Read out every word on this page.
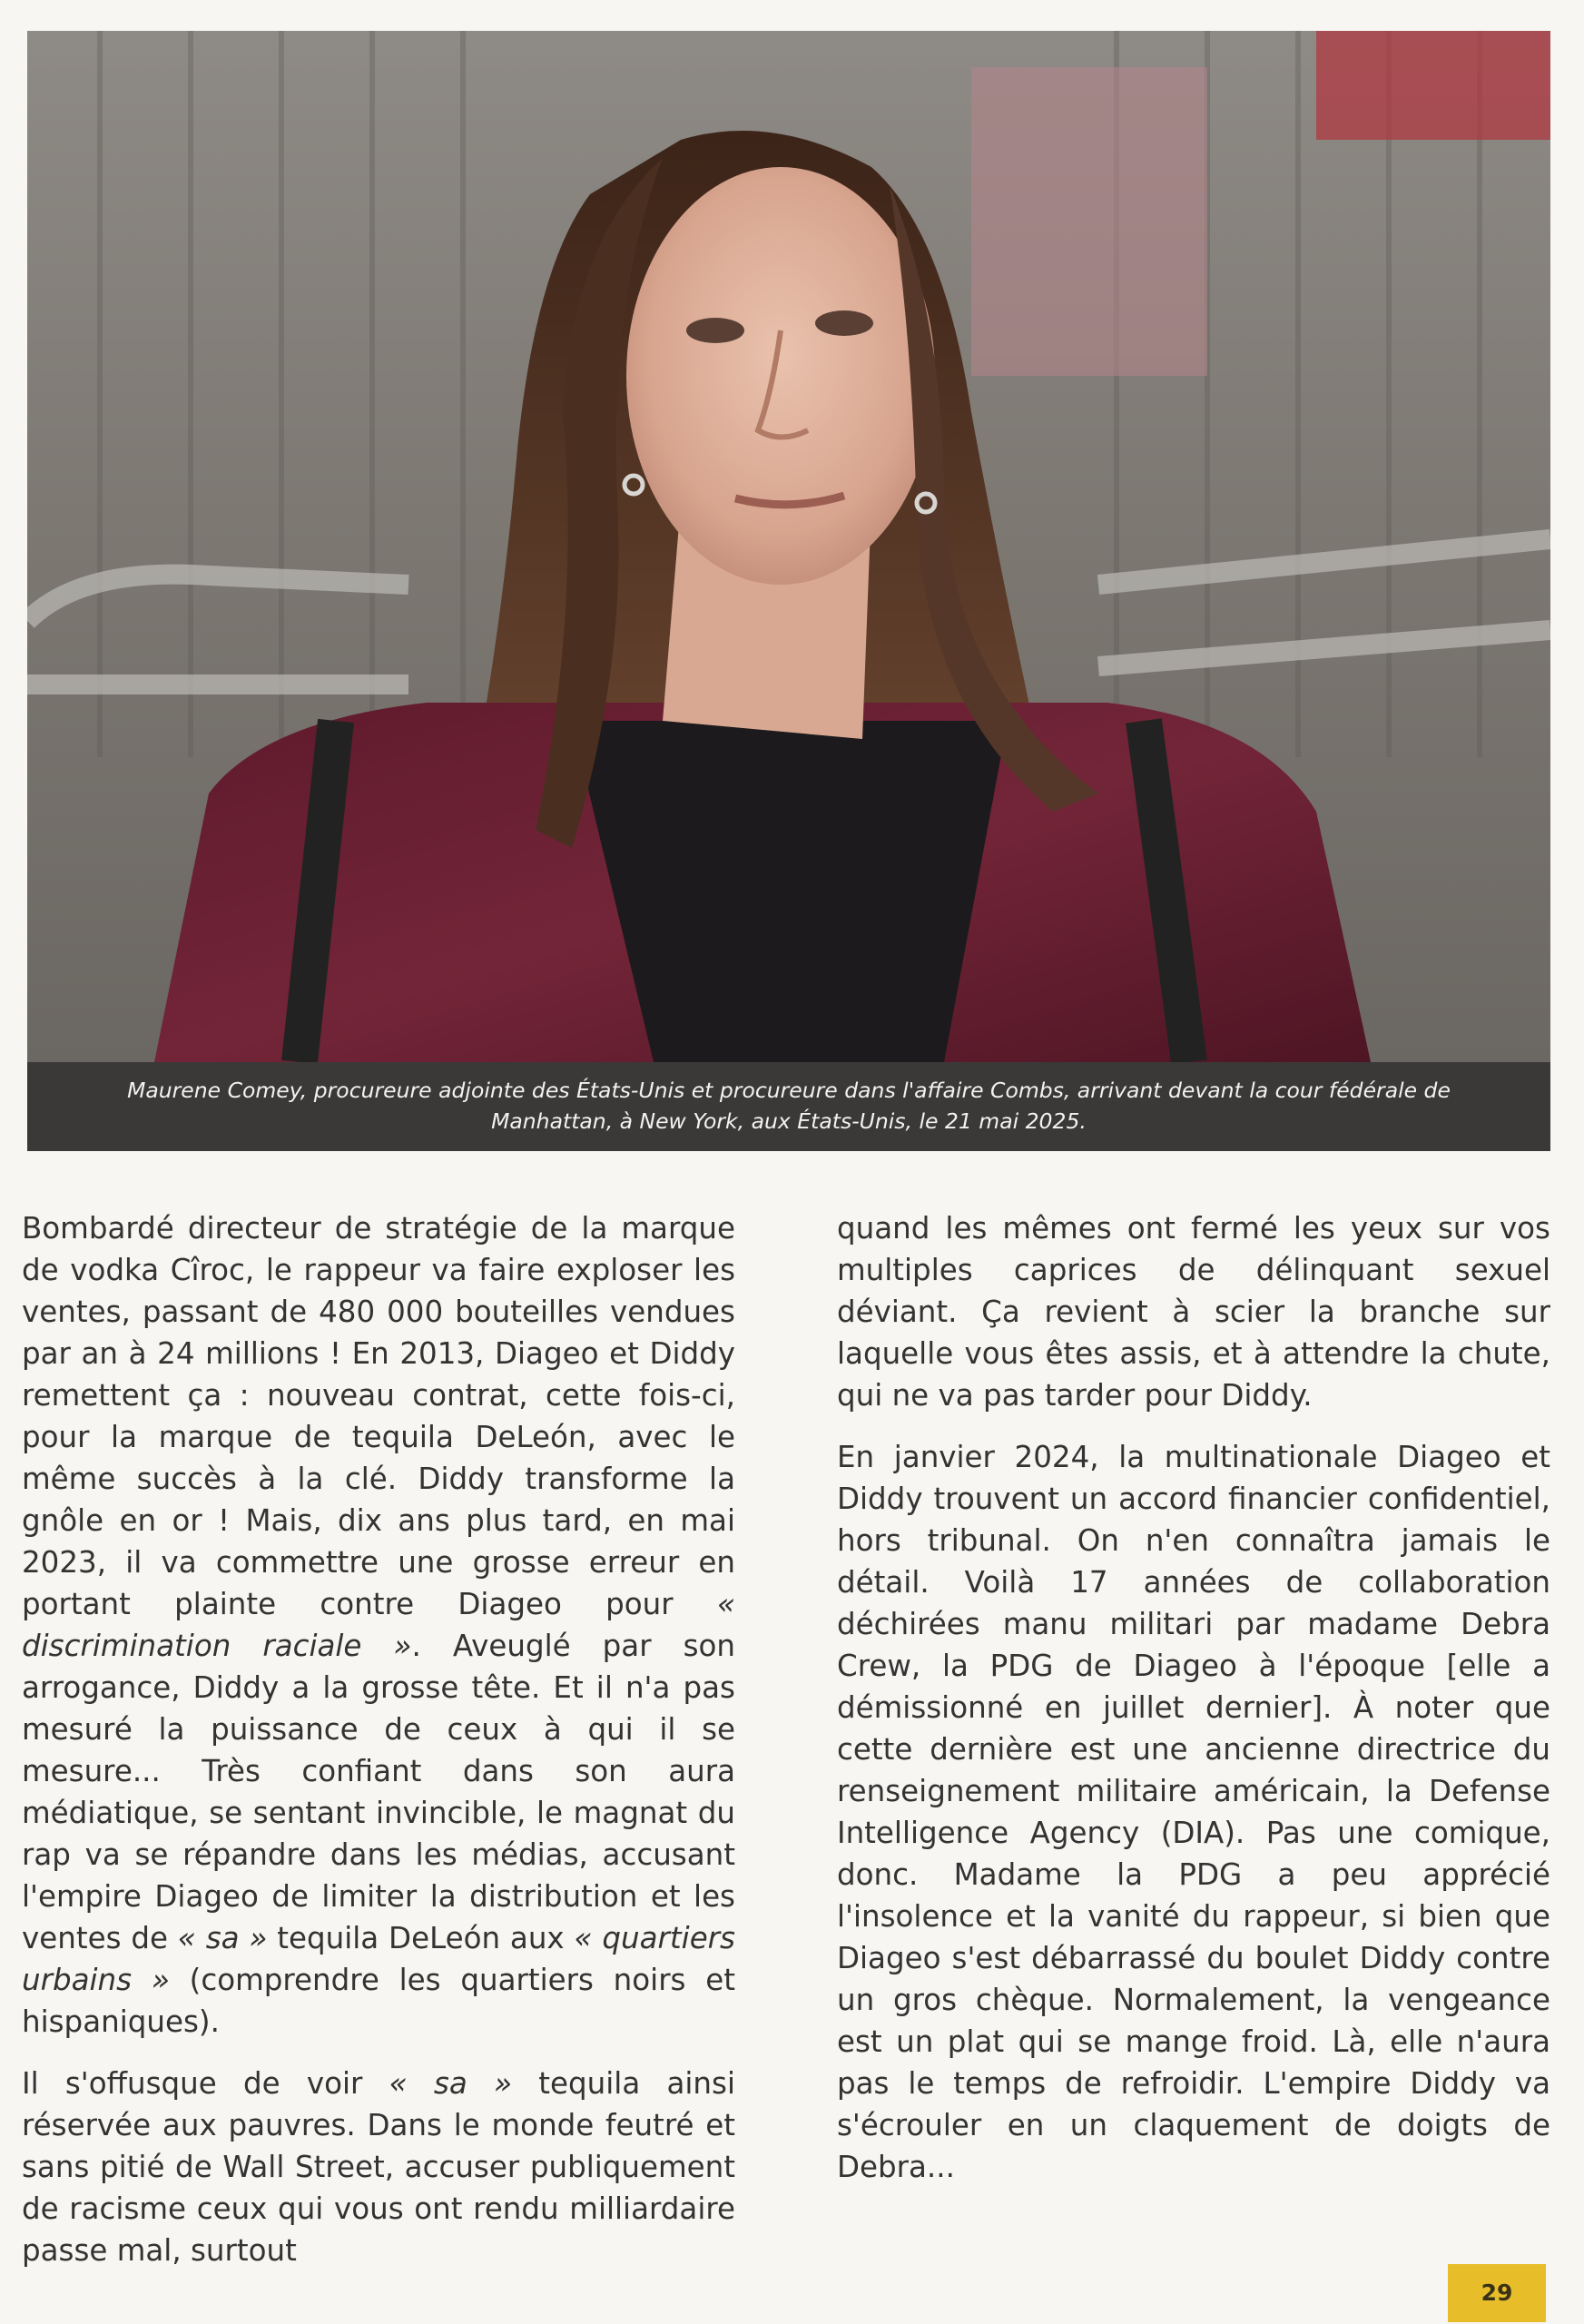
Maurene Comey, procureure adjointe des États-Unis et procureure dans l'affaire Combs, arrivant devant la cour fédérale de
Manhattan, à New York, aux États-Unis, le 21 mai 2025.

Bombardé directeur de stratégie de la marque de vodka Cîroc, le rappeur va faire exploser les ventes, passant de 480 000 bouteilles vendues par an à 24 millions ! En 2013, Diageo et Diddy remettent ça : nouveau contrat, cette fois-ci, pour la marque de tequila DeLeón, avec le même succès à la clé. Diddy transforme la gnôle en or ! Mais, dix ans plus tard, en mai 2023, il va commettre une grosse erreur en portant plainte contre Diageo pour « discrimination raciale ». Aveuglé par son arrogance, Diddy a la grosse tête. Et il n'a pas mesuré la puissance de ceux à qui il se mesure... Très confiant dans son aura médiatique, se sentant invincible, le magnat du rap va se répandre dans les médias, accusant l'empire Diageo de limiter la distribution et les ventes de « sa » tequila DeLeón aux « quartiers urbains » (comprendre les quartiers noirs et hispaniques).

Il s'offusque de voir « sa » tequila ainsi réservée aux pauvres. Dans le monde feutré et sans pitié de Wall Street, accuser publiquement de racisme ceux qui vous ont rendu milliardaire passe mal, surtout

quand les mêmes ont fermé les yeux sur vos multiples caprices de délinquant sexuel déviant. Ça revient à scier la branche sur laquelle vous êtes assis, et à attendre la chute, qui ne va pas tarder pour Diddy.

En janvier 2024, la multinationale Diageo et Diddy trouvent un accord financier confidentiel, hors tribunal. On n'en connaîtra jamais le détail. Voilà 17 années de collaboration déchirées manu militari par madame Debra Crew, la PDG de Diageo à l'époque [elle a démissionné en juillet dernier]. À noter que cette dernière est une ancienne directrice du renseignement militaire américain, la Defense Intelligence Agency (DIA). Pas une comique, donc. Madame la PDG a peu apprécié l'insolence et la vanité du rappeur, si bien que Diageo s'est débarrassé du boulet Diddy contre un gros chèque. Normalement, la vengeance est un plat qui se mange froid. Là, elle n'aura pas le temps de refroidir. L'empire Diddy va s'écrouler en un claquement de doigts de Debra...

29
